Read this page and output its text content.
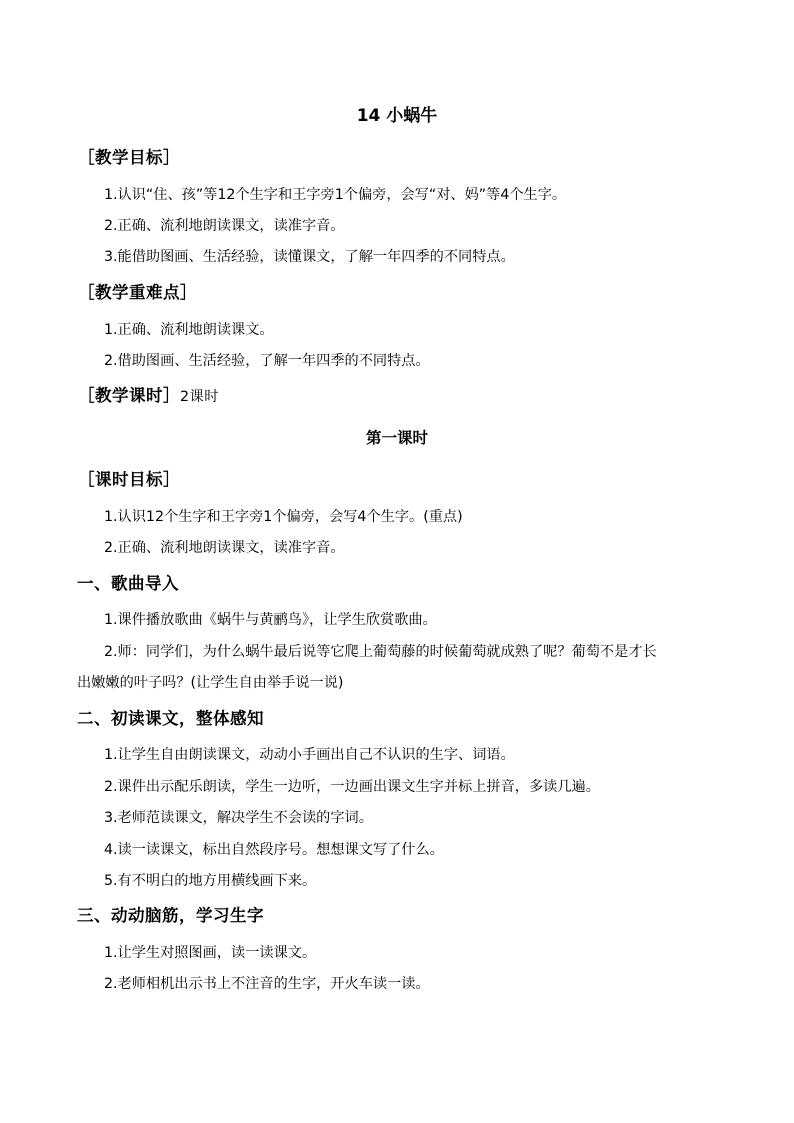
14 小蜗牛
［教学目标］
1.认识“住、孩”等12个生字和王字旁1个偏旁，会写“对、妈”等4个生字。
2.正确、流利地朗读课文，读准字音。
3.能借助图画、生活经验，读懂课文，了解一年四季的不同特点。
［教学重难点］
1.正确、流利地朗读课文。
2.借助图画、生活经验，了解一年四季的不同特点。
［教学课时］2课时
第一课时
［课时目标］
1.认识12个生字和王字旁1个偏旁，会写4个生字。(重点)
2.正确、流利地朗读课文，读准字音。
一、歌曲导入
1.课件播放歌曲《蜗牛与黄鹂鸟》，让学生欣赏歌曲。
2.师：同学们，为什么蜗牛最后说等它爬上葡萄藤的时候葡萄就成熟了呢？葡萄不是才长
出嫩嫩的叶子吗？(让学生自由举手说一说)
二、初读课文，整体感知
1.让学生自由朗读课文，动动小手画出自己不认识的生字、词语。
2.课件出示配乐朗读，学生一边听，一边画出课文生字并标上拼音，多读几遍。
3.老师范读课文，解决学生不会读的字词。
4.读一读课文，标出自然段序号。想想课文写了什么。
5.有不明白的地方用横线画下来。
三、动动脑筋，学习生字
1.让学生对照图画，读一读课文。
2.老师相机出示书上不注音的生字，开火车读一读。
